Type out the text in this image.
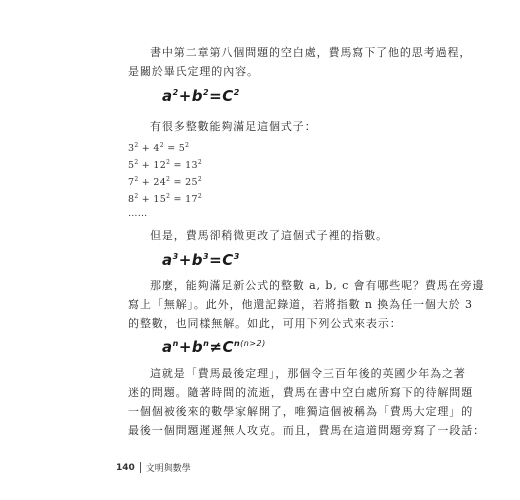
書中第二章第八個問題的空白處，費馬寫下了他的思考過程，
是關於畢氏定理的內容。
$a^2+b^2=C^2$
有很多整數能夠滿足這個式子：
$3^2 + 4^2 = 5^2$
$5^2 + 12^2 = 13^2$
$7^2 + 24^2 = 25^2$
$8^2 + 15^2 = 17^2$
……
但是，費馬卻稍微更改了這個式子裡的指數。
$a^3+b^3=C^3$
那麼，能夠滿足新公式的整數 a, b, c 會有哪些呢？費馬在旁邊
寫上「無解」。此外，他還記錄道，若將指數 n 換為任一個大於 3
的整數，也同樣無解。如此，可用下列公式來表示：
$a^n+b^n\ne C^{n(n>2)}$
這就是「費馬最後定理」，那個令三百年後的英國少年為之著
迷的問題。隨著時間的流逝，費馬在書中空白處所寫下的待解問題
一個個被後來的數學家解開了，唯獨這個被稱為「費馬大定理」的
最後一個問題遲遲無人攻克。而且，費馬在這道問題旁寫了一段話：
140 文明與數學
